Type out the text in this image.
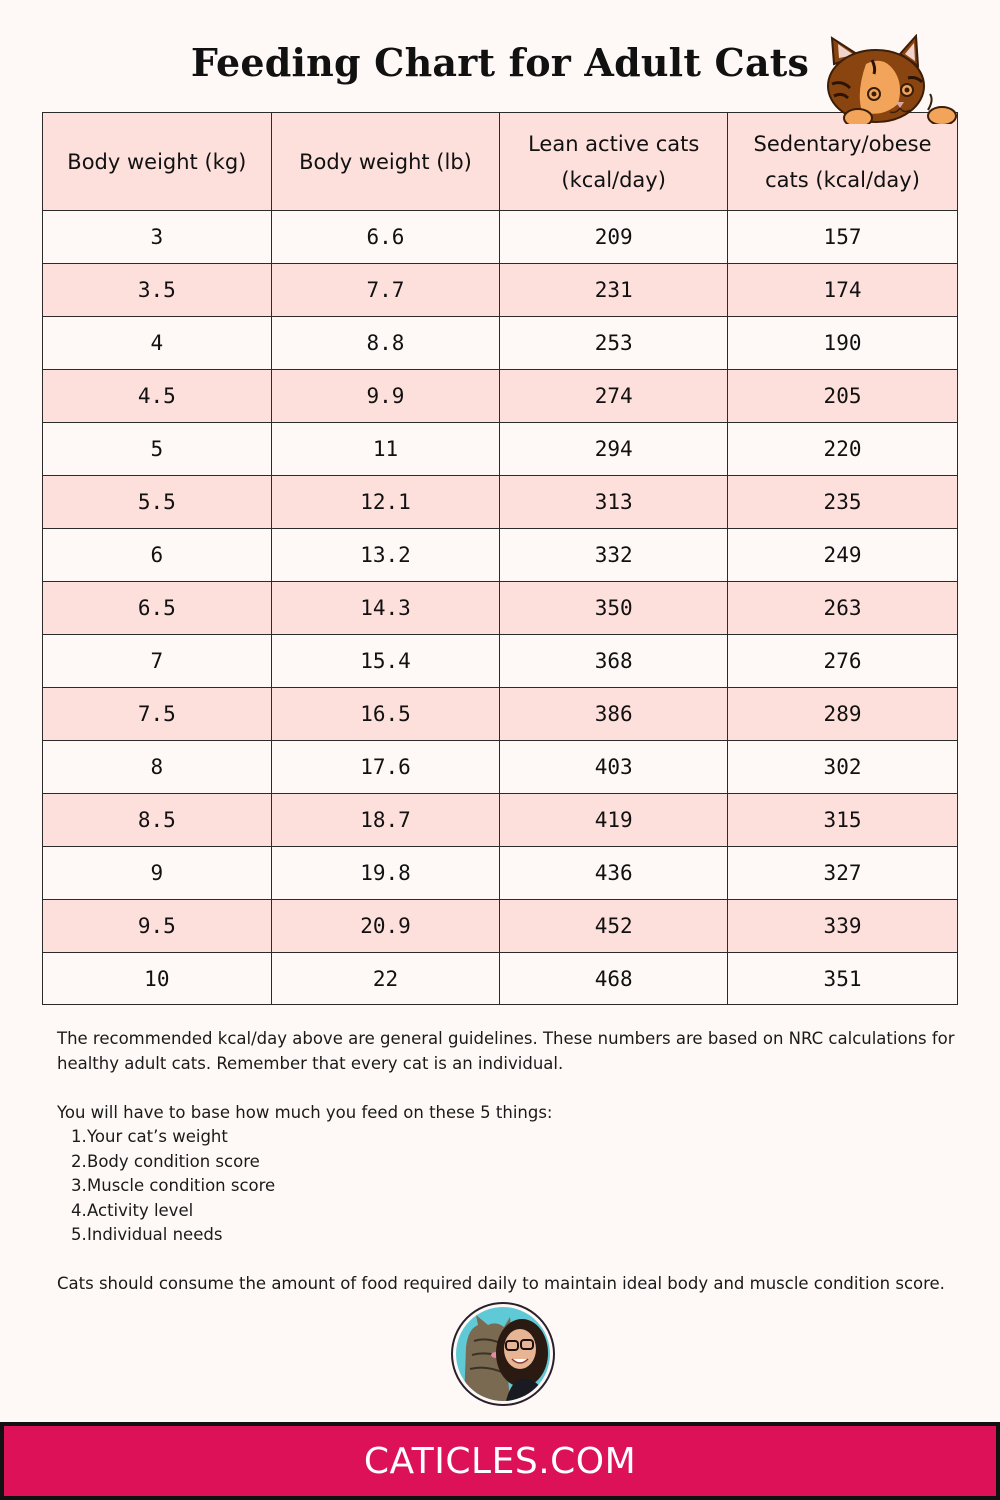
Feeding Chart for Adult Cats
Body weight (kg)	Body weight (lb)	Lean active cats (kcal/day)	Sedentary/obese cats (kcal/day)
3	6.6	209	157
3.5	7.7	231	174
4	8.8	253	190
4.5	9.9	274	205
5	11	294	220
5.5	12.1	313	235
6	13.2	332	249
6.5	14.3	350	263
7	15.4	368	276
7.5	16.5	386	289
8	17.6	403	302
8.5	18.7	419	315
9	19.8	436	327
9.5	20.9	452	339
10	22	468	351

The recommended kcal/day above are general guidelines. These numbers are based on NRC calculations for healthy adult cats. Remember that every cat is an individual.

You will have to base how much you feed on these 5 things:

1.Your cat’s weight
2.Body condition score
3.Muscle condition score
4.Activity level
5.Individual needs

Cats should consume the amount of food required daily to maintain ideal body and muscle condition score.

CATICLES.COM
